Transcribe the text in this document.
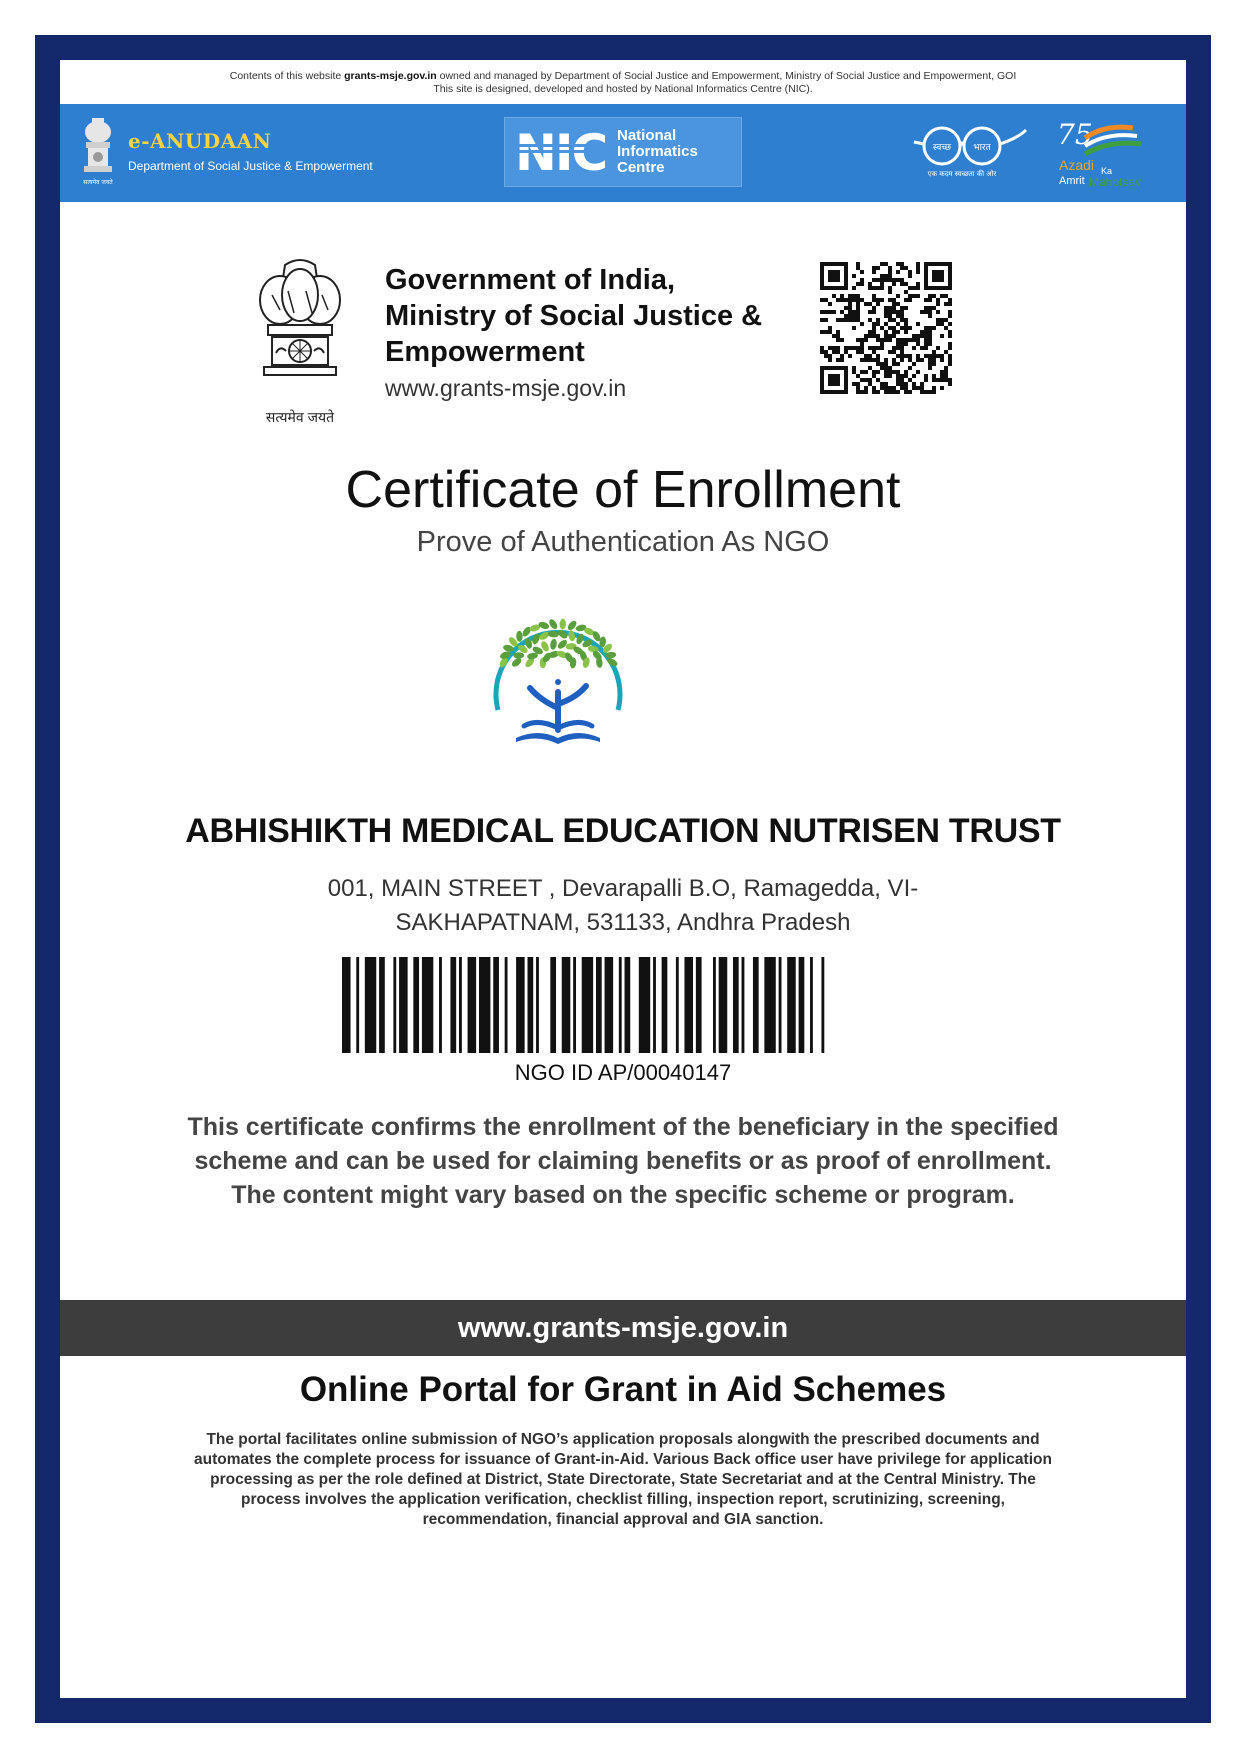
Contents of this website grants-msje.gov.in owned and managed by Department of Social Justice and Empowerment, Ministry of Social Justice and Empowerment, GOI
This site is designed, developed and hosted by National Informatics Centre (NIC).
सत्यमेव जयते
e-ANUDAAN
Department of Social Justice & Empowerment	NIC National
Informatics
Centre
स्वच्छ भारत
एक कदम स्वच्छता की ओर
75
Azadi Ka
Amrit Mahotsav
सत्यमेव जयते
Government of India,
Ministry of Social Justice &
Empowerment
www.grants-msje.gov.in
Certificate of Enrollment
Prove of Authentication As NGO
ABHISHIKTH MEDICAL EDUCATION NUTRISEN TRUST
001, MAIN STREET , Devarapalli B.O, Ramagedda, VI-
SAKHAPATNAM, 531133, Andhra Pradesh
NGO ID AP/00040147
This certificate confirms the enrollment of the beneficiary in the specified scheme and can be used for claiming benefits or as proof of enrollment. The content might vary based on the specific scheme or program.
www.grants-msje.gov.in
Online Portal for Grant in Aid Schemes
The portal facilitates online submission of NGO’s application proposals alongwith the prescribed documents and automates the complete process for issuance of Grant-in-Aid. Various Back office user have privilege for application processing as per the role defined at District, State Directorate, State Secretariat and at the Central Ministry. The process involves the application verification, checklist filling, inspection report, scrutinizing, screening, recommendation, financial approval and GIA sanction.
